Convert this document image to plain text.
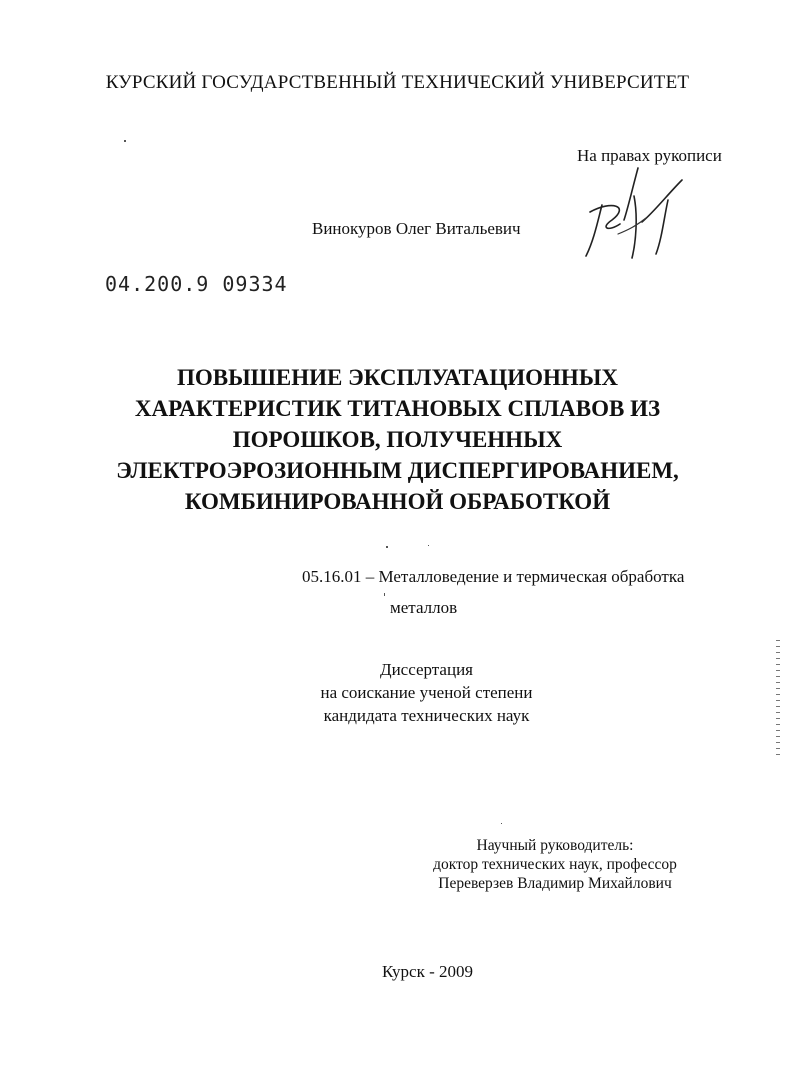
КУРСКИЙ ГОСУДАРСТВЕННЫЙ ТЕХНИЧЕСКИЙ УНИВЕРСИТЕТ
На правах рукописи
Винокуров Олег Витальевич
04.200.9 09334
ПОВЫШЕНИЕ ЭКСПЛУАТАЦИОННЫХ
ХАРАКТЕРИСТИК ТИТАНОВЫХ СПЛАВОВ ИЗ
ПОРОШКОВ, ПОЛУЧЕННЫХ
ЭЛЕКТРОЭРОЗИОННЫМ ДИСПЕРГИРОВАНИЕМ,
КОМБИНИРОВАННОЙ ОБРАБОТКОЙ
05.16.01 – Металловедение и термическая обработка
металлов
Диссертация
на соискание ученой степени
кандидата технических наук
Научный руководитель:
доктор технических наук, профессор
Переверзев Владимир Михайлович
Курск - 2009
